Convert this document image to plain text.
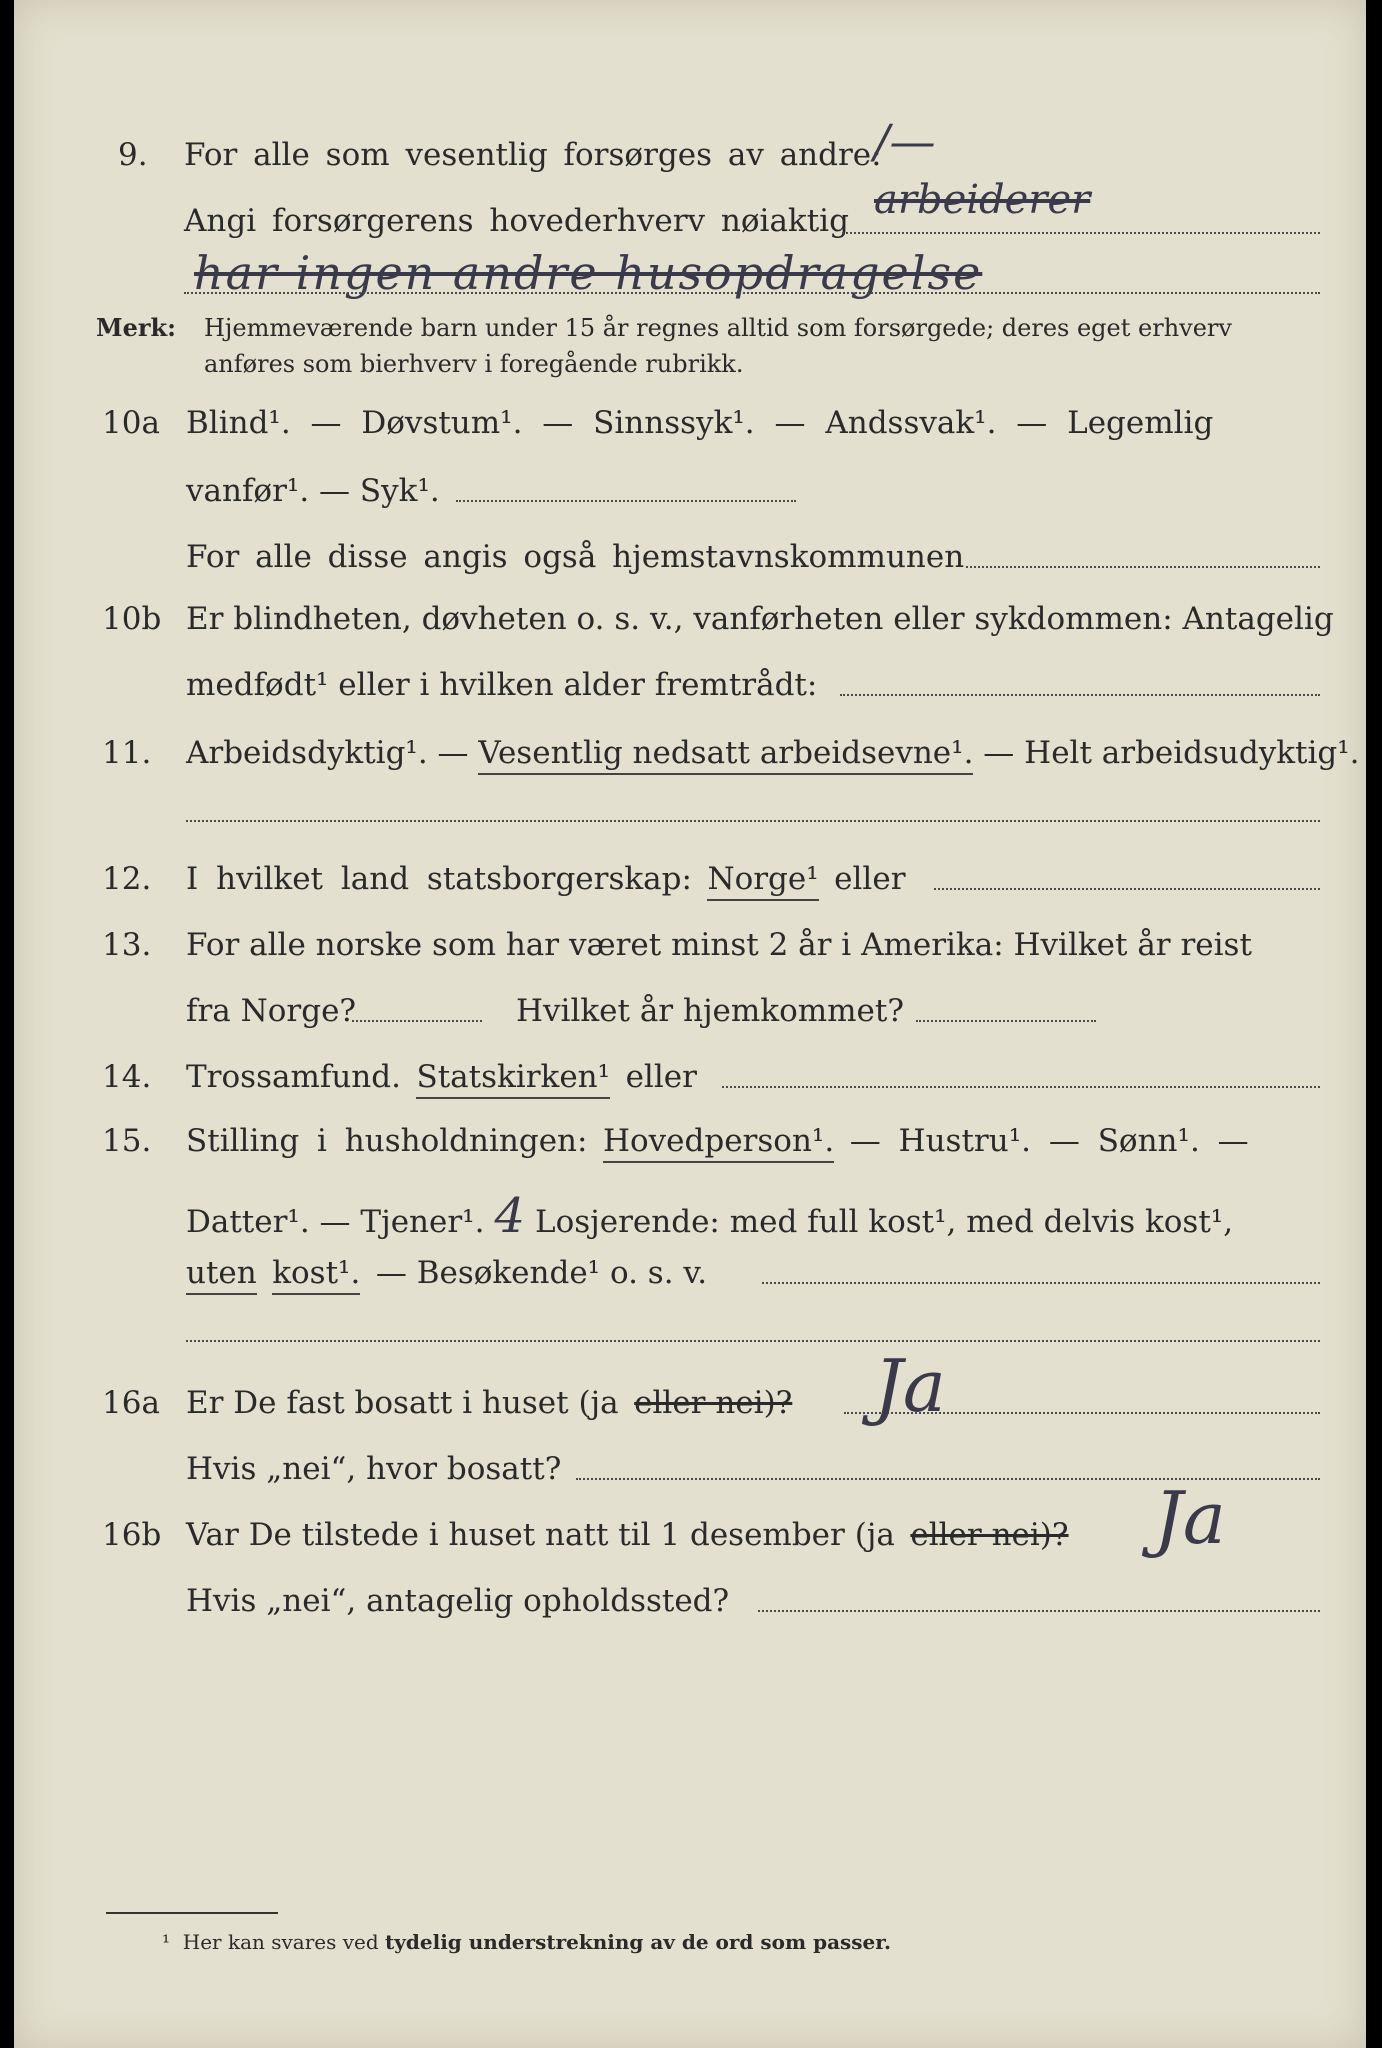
9. For alle som vesentlig forsørges av andre:
/—
Angi forsørgerens hovederhverv nøiaktig arbeiderer
har ingen andre husopdragelse
Merk: Hjemmeværende barn under 15 år regnes alltid som forsørgede; deres eget erhverv
anføres som bierhverv i foregående rubrikk.
10a Blind¹. — Døvstum¹. — Sinnssyk¹. — Andssvak¹. — Legemlig
vanfør¹. — Syk¹.
For alle disse angis også hjemstavnskommunen
10b Er blindheten, døvheten o. s. v., vanførheten eller sykdommen: Antagelig
medfødt¹ eller i hvilken alder fremtrådt:
11. Arbeidsdyktig¹. — Vesentlig nedsatt arbeidsevne¹. — Helt arbeidsudyktig¹.
12. I hvilket land statsborgerskap: Norge¹ eller
13. For alle norske som har været minst 2 år i Amerika: Hvilket år reist
fra Norge?	Hvilket år hjemkommet?
14. Trossamfund. Statskirken¹ eller
15. Stilling i husholdningen: Hovedperson¹. — Hustru¹. — Sønn¹. —
Datter¹. — Tjener¹. 4 Losjerende: med full kost¹, med delvis kost¹,
uten kost¹. — Besøkende¹ o. s. v.
16a Er De fast bosatt i huset (ja eller nei)? Ja
Hvis „nei“, hvor bosatt?
16b Var De tilstede i huset natt til 1 desember (ja eller nei)? Ja
Hvis „nei“, antagelig opholdssted?
¹ Her kan svares ved tydelig understrekning av de ord som passer.
